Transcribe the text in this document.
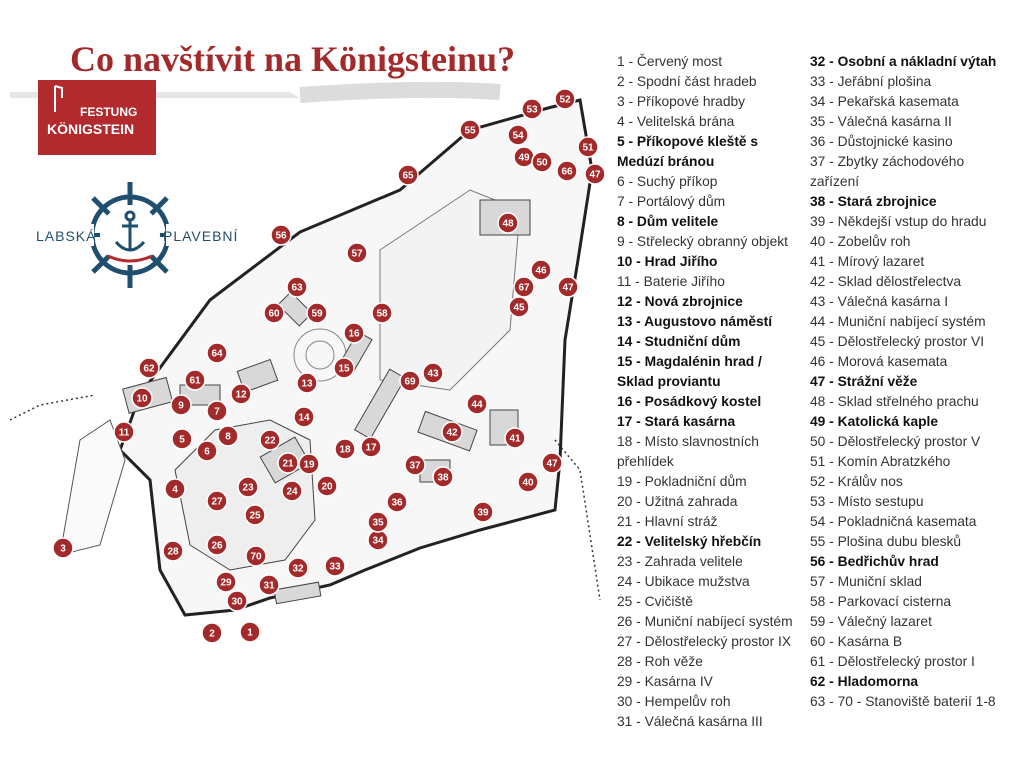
Co navštívit na Königsteinu?
FESTUNG
KÖNIGSTEIN
LABSKÁ	PLAVEBNÍ
1
2
3
4
5
6
7
8
9
10
11
12
13
14
15
16
17
18
19
20
21
22
23	24
25
26
27
28
29
30
31
32	33
34
35
36
37
38
39
40
41
42
43
44
45
46
47
47
47
48
49 50
51
52
53
54
55
56
57
58
59
60
61
62
63
64
65	66
67
69
70
1 - Červený most
2 - Spodní část hradeb
3 - Příkopové hradby
4 - Velitelská brána
5 - Příkopové kleště s
Medúzí bránou
6 - Suchý příkop
7 - Portálový dům
8 - Dům velitele
9 - Střelecký obranný objekt
10 - Hrad Jiřího
11 - Baterie Jiřího
12 - Nová zbrojnice
13 - Augustovo náměstí
14 - Studniční dům
15 - Magdalénin hrad /
Sklad proviantu
16 - Posádkový kostel
17 - Stará kasárna
18 - Místo slavnostních
přehlídek
19 - Pokladniční dům
20 - Užitná zahrada
21 - Hlavní stráž
22 - Velitelský hřebčín
23 - Zahrada velitele
24 - Ubikace mužstva
25 - Cvičiště
26 - Muniční nabíjecí systém
27 - Dělostřelecký prostor IX
28 - Roh věže
29 - Kasárna IV
30 - Hempelův roh
31 - Válečná kasárna III
32 - Osobní a nákladní výtah
33 - Jeřábní plošina
34 - Pekařská kasemata
35 - Válečná kasárna II
36 - Důstojnické kasino
37 - Zbytky záchodového
zařízení
38 - Stará zbrojnice
39 - Někdejší vstup do hradu
40 - Zobelův roh
41 - Mírový lazaret
42 - Sklad dělostřelectva
43 - Válečná kasárna I
44 - Muniční nabíjecí systém
45 - Dělostřelecký prostor VI
46 - Morová kasemata
47 - Strážní věže
48 - Sklad střelného prachu
49 - Katolická kaple
50 - Dělostřelecký prostor V
51 - Komín Abratzkého
52 - Králův nos
53 - Místo sestupu
54 - Pokladničná kasemata
55 - Plošina dubu blesků
56 - Bedřichův hrad
57 - Muniční sklad
58 - Parkovací cisterna
59 - Válečný lazaret
60 - Kasárna B
61 - Dělostřelecký prostor I
62 - Hladomorna
63 - 70 - Stanoviště baterií 1-8
